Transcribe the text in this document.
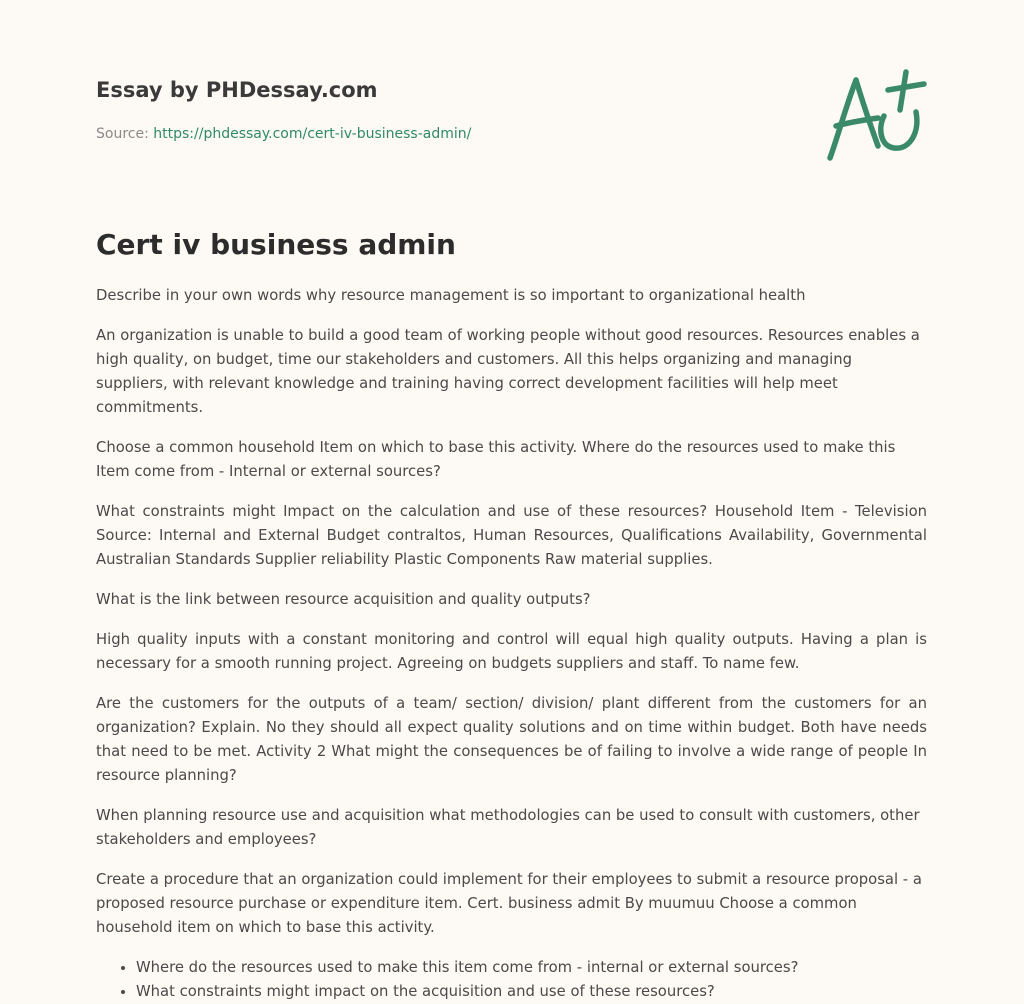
Essay by PHDessay.com
Source: https://phdessay.com/cert-iv-business-admin/
Cert iv business admin

Describe in your own words why resource management is so important to organizational health

An organization is unable to build a good team of working people without good resources. Resources enables a high quality, on budget, time our stakeholders and customers. All this helps organizing and managing suppliers, with relevant knowledge and training having correct development facilities will help meet commitments.

Choose a common household Item on which to base this activity. Where do the resources used to make this Item come from - Internal or external sources?

What constraints might Impact on the calculation and use of these resources? Household Item - Television Source: Internal and External Budget contraltos, Human Resources, Qualifications Availability, Governmental Australian Standards Supplier reliability Plastic Components Raw material supplies.

What is the link between resource acquisition and quality outputs?

High quality inputs with a constant monitoring and control will equal high quality outputs. Having a plan is necessary for a smooth running project. Agreeing on budgets suppliers and staff. To name few.

Are the customers for the outputs of a team/ section/ division/ plant different from the customers for an organization? Explain. No they should all expect quality solutions and on time within budget. Both have needs that need to be met. Activity 2 What might the consequences be of failing to involve a wide range of people In resource planning?

When planning resource use and acquisition what methodologies can be used to consult with customers, other stakeholders and employees?

Create a procedure that an organization could implement for their employees to submit a resource proposal - a proposed resource purchase or expenditure item. Cert. business admit By muumuu Choose a common household item on which to base this activity.

• Where do the resources used to make this item come from - internal or external sources?
• What constraints might impact on the acquisition and use of these resources?
